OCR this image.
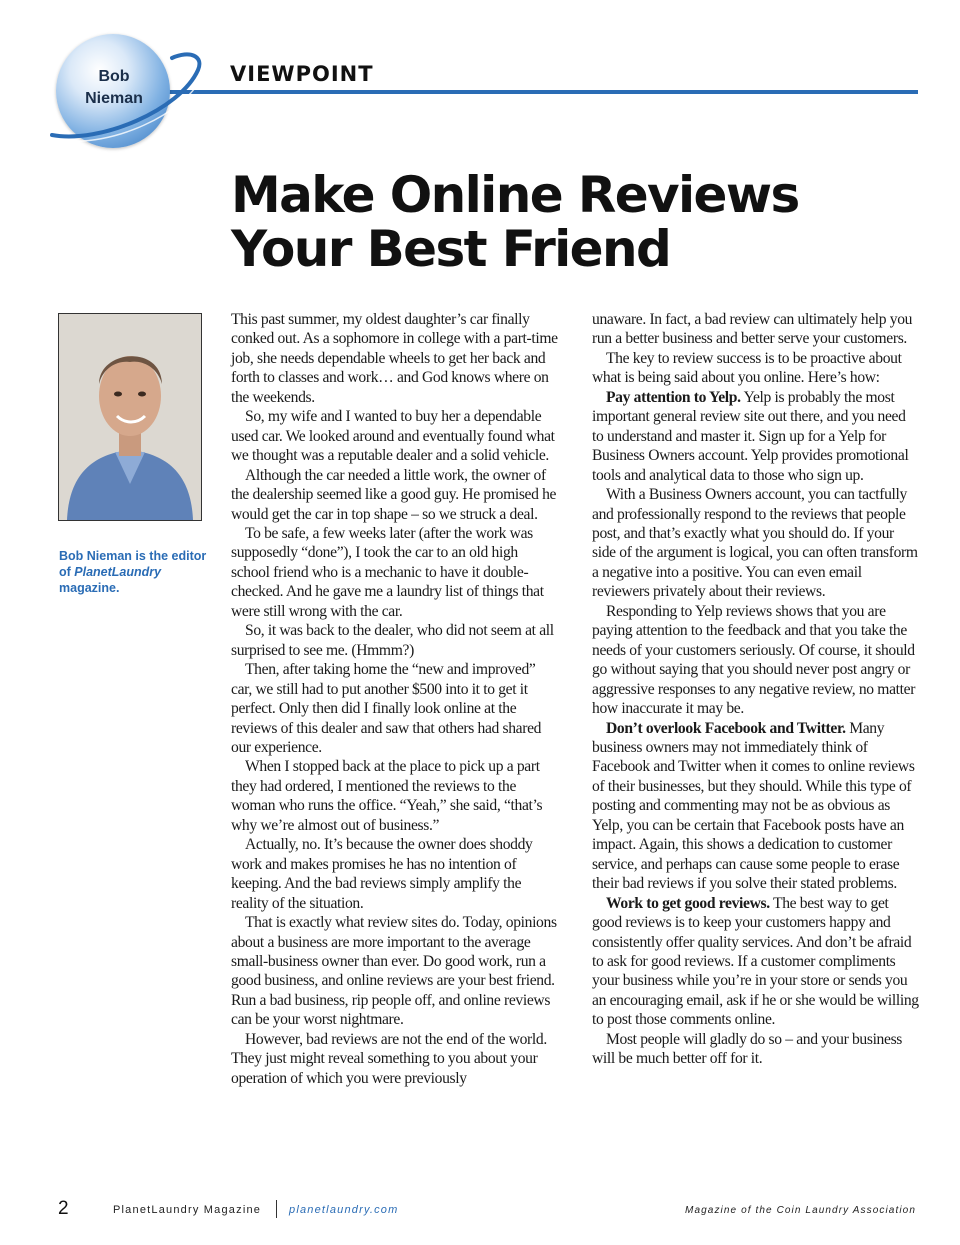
Bob
Nieman
VIEWPOINT
Make Online Reviews
Your Best Friend
Bob Nieman is the editor of PlanetLaundry magazine.

This past summer, my oldest daughter’s car finally conked out. As a sophomore in college with a part-time job, she needs dependable wheels to get her back and forth to classes and work… and God knows where on the weekends.

So, my wife and I wanted to buy her a dependable used car. We looked around and eventually found what we thought was a reputable dealer and a solid vehicle.

Although the car needed a little work, the owner of the dealership seemed like a good guy. He promised he would get the car in top shape – so we struck a deal.

To be safe, a few weeks later (after the work was supposedly “done”), I took the car to an old high school friend who is a mechanic to have it double-checked. And he gave me a laundry list of things that were still wrong with the car.

So, it was back to the dealer, who did not seem at all surprised to see me. (Hmmm?)

Then, after taking home the “new and improved” car, we still had to put another $500 into it to get it perfect. Only then did I finally look online at the reviews of this dealer and saw that others had shared our experience.

When I stopped back at the place to pick up a part they had ordered, I mentioned the reviews to the woman who runs the office. “Yeah,” she said, “that’s why we’re almost out of business.”

Actually, no. It’s because the owner does shoddy work and makes promises he has no intention of keeping. And the bad reviews simply amplify the reality of the situation.

That is exactly what review sites do. Today, opinions about a business are more important to the average small-business owner than ever. Do good work, run a good business, and online reviews are your best friend. Run a bad business, rip people off, and online reviews can be your worst nightmare.

However, bad reviews are not the end of the world. They just might reveal something to you about your operation of which you were previously

unaware. In fact, a bad review can ultimately help you run a better business and better serve your customers.

The key to review success is to be proactive about what is being said about you online. Here’s how:

Pay attention to Yelp. Yelp is probably the most important general review site out there, and you need to understand and master it. Sign up for a Yelp for Business Owners account. Yelp provides promotional tools and analytical data to those who sign up.

With a Business Owners account, you can tactfully and professionally respond to the reviews that people post, and that’s exactly what you should do. If your side of the argument is logical, you can often transform a negative into a positive. You can even email reviewers privately about their reviews.

Responding to Yelp reviews shows that you are paying attention to the feedback and that you take the needs of your customers seriously. Of course, it should go without saying that you should never post angry or aggressive responses to any negative review, no matter how inaccurate it may be.

Don’t overlook Facebook and Twitter. Many business owners may not immediately think of Facebook and Twitter when it comes to online reviews of their businesses, but they should. While this type of posting and commenting may not be as obvious as Yelp, you can be certain that Facebook posts have an impact. Again, this shows a dedication to customer service, and perhaps can cause some people to erase their bad reviews if you solve their stated problems.

Work to get good reviews. The best way to get good reviews is to keep your customers happy and consistently offer quality services. And don’t be afraid to ask for good reviews. If a customer compliments your business while you’re in your store or sends you an encouraging email, ask if he or she would be willing to post those comments online.

Most people will gladly do so – and your business will be much better off for it.

2	PlanetLaundry Magazine	planetlaundry.com	Magazine of the Coin Laundry Association
